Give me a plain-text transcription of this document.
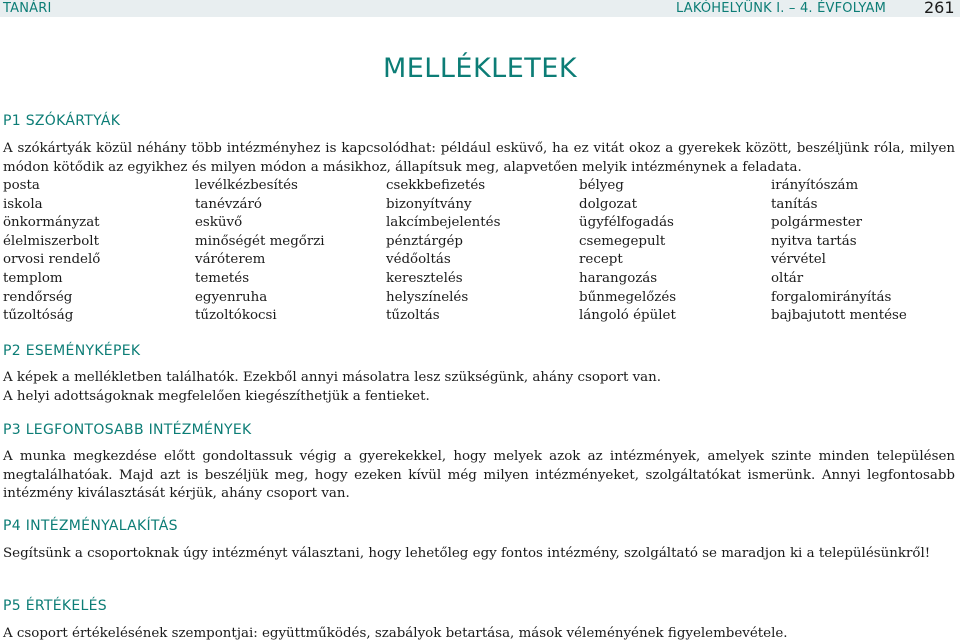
TANÁRI	LAKÓHELYÜNK I. – 4. ÉVFOLYAM 261
MELLÉKLETEK
P1 SZÓKÁRTYÁK

A szókártyák közül néhány több intézményhez is kapcsolódhat: például esküvő, ha ez vitát okoz a gyerekek között, beszéljünk róla, milyen módon kötődik az egyikhez és milyen módon a másikhoz, állapítsuk meg, alapvetően melyik intézménynek a feladata.

posta	levélkézbesítés	csekkbefizetés	bélyeg	irányítószám
iskola	tanévzáró	bizonyítvány	dolgozat	tanítás
önkormányzat	esküvő	lakcímbejelentés	ügyfélfogadás	polgármester
élelmiszerbolt	minőségét megőrzi	pénztárgép	csemegepult	nyitva tartás
orvosi rendelő	váróterem	védőoltás	recept	vérvétel
templom	temetés	keresztelés	harangozás	oltár
rendőrség	egyenruha	helyszínelés	bűnmegelőzés	forgalomirányítás
tűzoltóság	tűzoltókocsi	tűzoltás	lángoló épület	bajbajutott mentése
P2 ESEMÉNYKÉPEK

A képek a mellékletben találhatók. Ezekből annyi másolatra lesz szükségünk, ahány csoport van.

A helyi adottságoknak megfelelően kiegészíthetjük a fentieket.

P3 LEGFONTOSABB INTÉZMÉNYEK

A munka megkezdése előtt gondoltassuk végig a gyerekekkel, hogy melyek azok az intézmények, amelyek szinte minden településen megtalálhatóak. Majd azt is beszéljük meg, hogy ezeken kívül még milyen intézményeket, szolgáltatókat ismerünk. Annyi legfontosabb intézmény kiválasztását kérjük, ahány csoport van.

P4 INTÉZMÉNYALAKÍTÁS

Segítsünk a csoportoknak úgy intézményt választani, hogy lehetőleg egy fontos intézmény, szolgáltató se maradjon ki a településünkről!

P5 ÉRTÉKELÉS

A csoport értékelésének szempontjai: együttműködés, szabályok betartása, mások véleményének figyelembevétele.
